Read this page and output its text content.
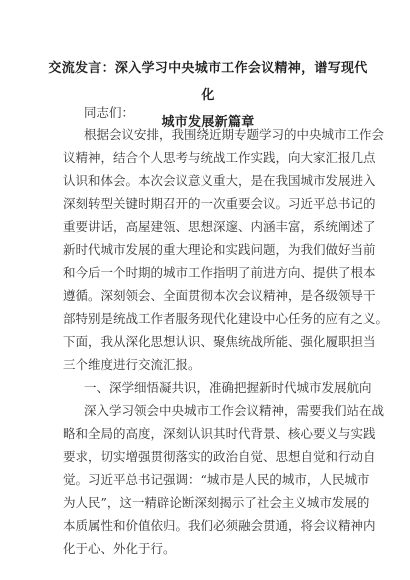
交流发言：深入学习中央城市工作会议精神，谱写现代化
城市发展新篇章
同志们：
根据会议安排，我围绕近期专题学习的中央城市工作会
议精神，结合个人思考与统战工作实践，向大家汇报几点
认识和体会。本次会议意义重大，是在我国城市发展进入
深刻转型关键时期召开的一次重要会议。习近平总书记的
重要讲话，高屋建瓴、思想深邃、内涵丰富，系统阐述了
新时代城市发展的重大理论和实践问题，为我们做好当前
和今后一个时期的城市工作指明了前进方向、提供了根本
遵循。深刻领会、全面贯彻本次会议精神，是各级领导干
部特别是统战工作者服务现代化建设中心任务的应有之义。
下面，我从深化思想认识、聚焦统战所能、强化履职担当
三个维度进行交流汇报。
一、深学细悟凝共识，准确把握新时代城市发展航向
深入学习领会中央城市工作会议精神，需要我们站在战
略和全局的高度，深刻认识其时代背景、核心要义与实践
要求，切实增强贯彻落实的政治自觉、思想自觉和行动自
觉。习近平总书记强调：“城市是人民的城市，人民城市
为人民”，这一精辟论断深刻揭示了社会主义城市发展的
本质属性和价值依归。我们必须融会贯通，将会议精神内
化于心、外化于行。
